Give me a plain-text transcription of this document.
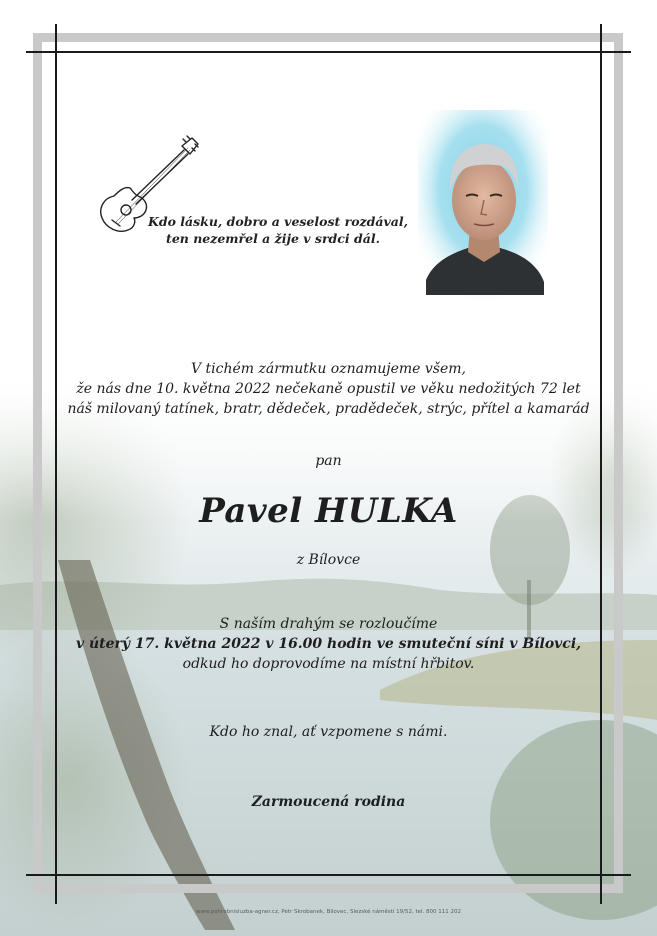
Kdo lásku, dobro a veselost rozdával,
ten nezemřel a žije v srdci dál.
V tichém zármutku oznamujeme všem,
že nás dne 10. května 2022 nečekaně opustil ve věku nedožitých 72 let
náš milovaný tatínek, bratr, dědeček, pradědeček, strýc, přítel a kamarád
pan
Pavel HULKA
z Bílovce
S naším drahým se rozloučíme
v úterý 17. května 2022 v 16.00 hodin ve smuteční síni v Bílovci,
odkud ho doprovodíme na místní hřbitov.
Kdo ho znal, ať vzpomene s námi.
Zarmoucená rodina
www.pohrebnisluzba-agner.cz, Petr Skrobanek, Bilovec, Slezské náměstí 19/52, tel. 800 111 202
